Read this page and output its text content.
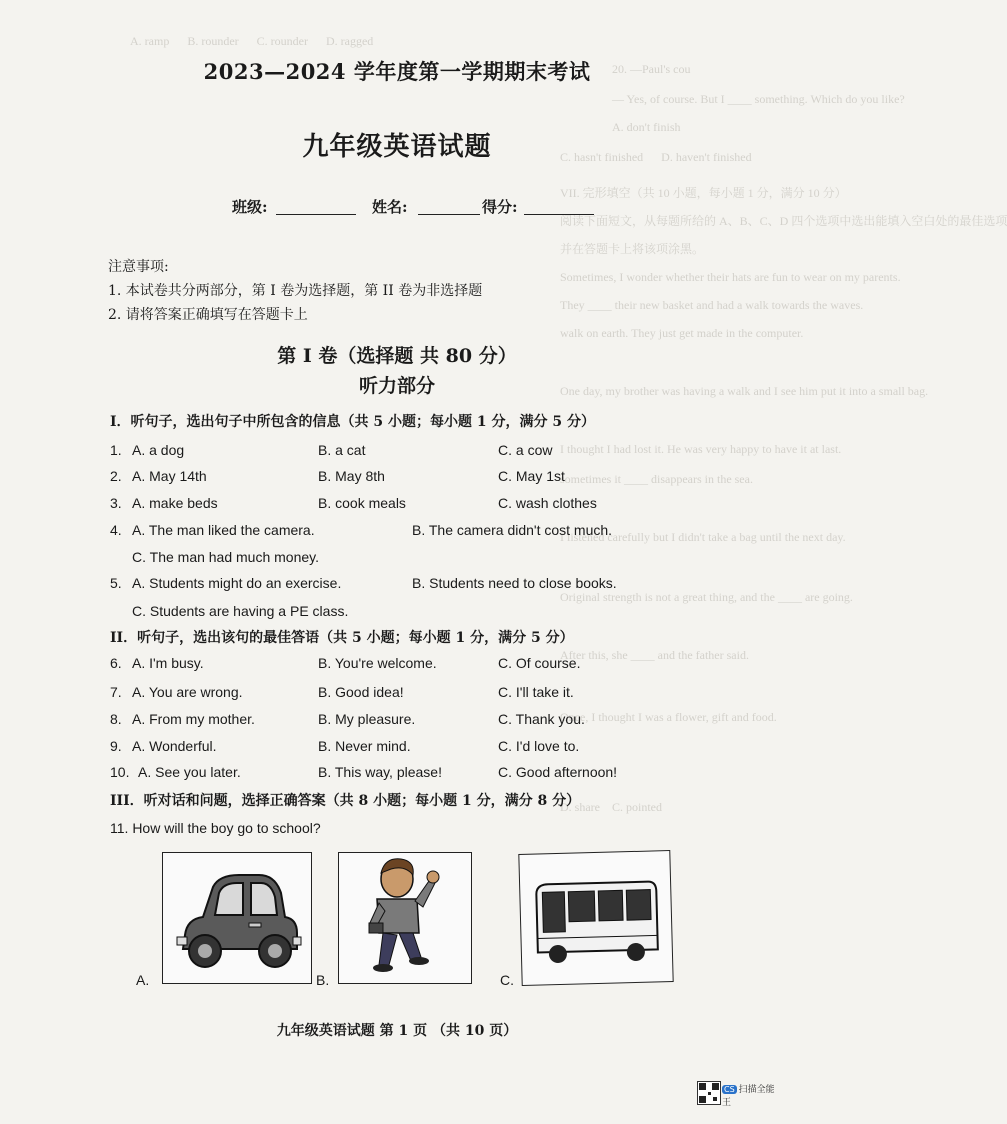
A. ramp      B. rounder      C. rounder      D. ragged
20. —Paul's cou
— Yes, of course. But I ____ something. Which do you like?
A. don't finish
C. hasn't finished      D. haven't finished
VII. 完形填空（共 10 小题，每小题 1 分，满分 10 分）
阅读下面短文，从每题所给的 A、B、C、D 四个选项中选出能填入空白处的最佳选项
并在答题卡上将该项涂黑。
Sometimes, I wonder whether their hats are fun to wear on my parents.
They ____ their new basket and had a walk towards the waves.
walk on earth. They just get made in the computer.
One day, my brother was having a walk and I see him put it into a small bag.
I thought I had lost it. He was very happy to have it at last.
sometimes it ____ disappears in the sea.
I listened carefully but I didn't take a bag until the next day.
Original strength is not a great thing, and the ____ are going.
After this, she ____ and the father said.
Once, I thought I was a flower, gift and food.
D. share    C. pointed
2023—2024 学年度第一学期期末考试
九年级英语试题
班级:	姓名:	得分:
注意事项:
1. 本试卷共分两部分，第 I 卷为选择题，第 II 卷为非选择题
2. 请将答案正确填写在答题卡上
第 I 卷（选择题 共 80 分）
听力部分
I．听句子，选出句子中所包含的信息（共 5 小题；每小题 1 分，满分 5 分）
1. A. a dog	B. a cat	C. a cow
2. A. May 14th	B. May 8th	C. May 1st
3. A. make beds	B. cook meals	C. wash clothes
4. A. The man liked the camera.	B. The camera didn't cost much.
C. The man had much money.
5. A. Students might do an exercise.	B. Students need to close books.
C. Students are having a PE class.
II．听句子，选出该句的最佳答语（共 5 小题；每小题 1 分，满分 5 分）
6. A. I'm busy.	B. You're welcome.	C. Of course.
7. A. You are wrong.	B. Good idea!	C. I'll take it.
8. A. From my mother.	B. My pleasure.	C. Thank you.
9. A. Wonderful.	B. Never mind.	C. I'd love to.
10. A. See you later.	B. This way, please!	C. Good afternoon!
III．听对话和问题，选择正确答案（共 8 小题；每小题 1 分，满分 8 分）
11. How will the boy go to school?
A.	B.	C.
九年级英语试题 第 1 页 （共 10 页）
CS 扫描全能王
